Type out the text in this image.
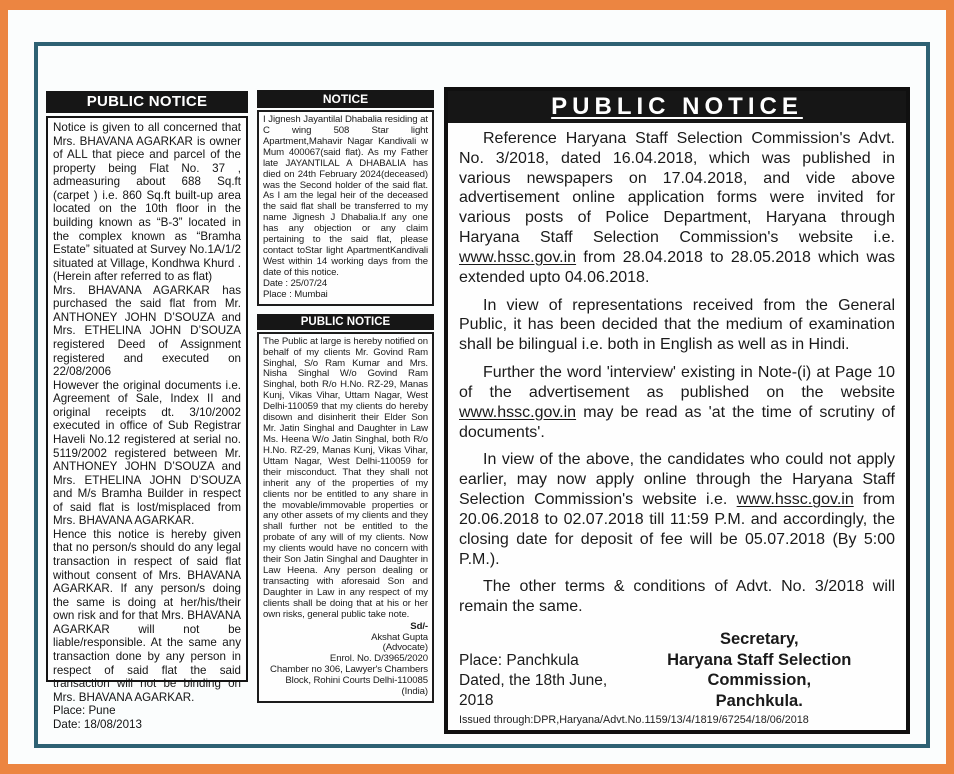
PUBLIC NOTICE

Notice is given to all concerned that Mrs. BHAVANA AGARKAR is owner of ALL that piece and parcel of the property being Flat No. 37 , admeasuring about 688 Sq.ft (carpet ) i.e. 860 Sq.ft built-up area located on the 10th floor in the building known as “B-3” located in the complex known as “Bramha Estate” situated at Survey No.1A/1/2 situated at Village, Kondhwa Khurd . (Herein after referred to as flat)

Mrs. BHAVANA AGARKAR has purchased the said flat from Mr. ANTHONEY JOHN D’SOUZA and Mrs. ETHELINA JOHN D’SOUZA registered Deed of Assignment registered and executed on 22/08/2006

However the original documents i.e. Agreement of Sale, Index II and original receipts dt. 3/10/2002 executed in office of Sub Registrar Haveli No.12 registered at serial no. 5119/2002 registered between Mr. ANTHONEY JOHN D’SOUZA and Mrs. ETHELINA JOHN D’SOUZA and M/s Bramha Builder in respect of said flat is lost/misplaced from Mrs. BHAVANA AGARKAR.

Hence this notice is hereby given that no person/s should do any legal transaction in respect of said flat without consent of Mrs. BHAVANA AGARKAR. If any person/s doing the same is doing at her/his/their own risk and for that Mrs. BHAVANA AGARKAR will not be liable/responsible. At the same any transaction done by any person in respect of said flat the said transaction will not be binding on Mrs. BHAVANA AGARKAR.

Place: Pune

Date: 18/08/2013

NOTICE

I Jignesh Jayantilal Dhabalia residing at C wing 508 Star light Apartment,Mahavir Nagar Kandivali w Mum 400067(said flat). As my Father late JAYANTILAL A DHABALIA has died on 24th February 2024(deceased) was the Second holder of the said flat. As I am the legal heir of the deceased the said flat shall be transferred to my name Jignesh J Dhabalia.If any one has any objection or any claim pertaining to the said flat, please contact toStar light ApartmentKandivali West within 14 working days from the date of this notice.

Date : 25/07/24
Place : Mumbai
PUBLIC NOTICE

The Public at large is hereby notified on behalf of my clients Mr. Govind Ram Singhal, S/o Ram Kumar and Mrs. Nisha Singhal W/o Govind Ram Singhal, both R/o H.No. RZ-29, Manas Kunj, Vikas Vihar, Uttam Nagar, West Delhi-110059 that my clients do hereby disown and disinherit their Elder Son Mr. Jatin Singhal and Daughter in Law Ms. Heena W/o Jatin Singhal, both R/o H.No. RZ-29, Manas Kunj, Vikas Vihar, Uttam Nagar, West Delhi-110059 for their misconduct. That they shall not inherit any of the properties of my clients nor be entitled to any share in the movable/immovable properties or any other assets of my clients and they shall further not be entitled to the probate of any will of my clients. Now my clients would have no concern with their Son Jatin Singhal and Daughter in Law Heena. Any person dealing or transacting with aforesaid Son and Daughter in Law in any respect of my clients shall be doing that at his or her own risks, general public take note.

Sd/-
Akshat Gupta
(Advocate)
Enrol. No. D/3965/2020
Chamber no 306, Lawyer's Chambers
Block, Rohini Courts Delhi-110085 (India)
PUBLIC NOTICE

Reference Haryana Staff Selection Commission's Advt. No. 3/2018, dated 16.04.2018, which was published in various newspapers on 17.04.2018, and vide above advertisement online application forms were invited for various posts of Police Department, Haryana through Haryana Staff Selection Commission's website i.e. www.hssc.gov.in from 28.04.2018 to 28.05.2018 which was extended upto 04.06.2018.

In view of representations received from the General Public, it has been decided that the medium of examination shall be bilingual i.e. both in English as well as in Hindi.

Further the word 'interview' existing in Note-(i) at Page 10 of the advertisement as published on the website www.hssc.gov.in may be read as 'at the time of scrutiny of documents'.

In view of the above, the candidates who could not apply earlier, may now apply online through the Haryana Staff Selection Commission's website i.e. www.hssc.gov.in from 20.06.2018 to 02.07.2018 till 11:59 P.M. and accordingly, the closing date for deposit of fee will be 05.07.2018 (By 5:00 P.M.).

The other terms & conditions of Advt. No. 3/2018 will remain the same.

Place: Panchkula
Dated, the 18th June, 2018
Secretary,
Haryana Staff Selection Commission,
Panchkula.
Issued through:DPR,Haryana/Advt.No.1159/13/4/1819/67254/18/06/2018
